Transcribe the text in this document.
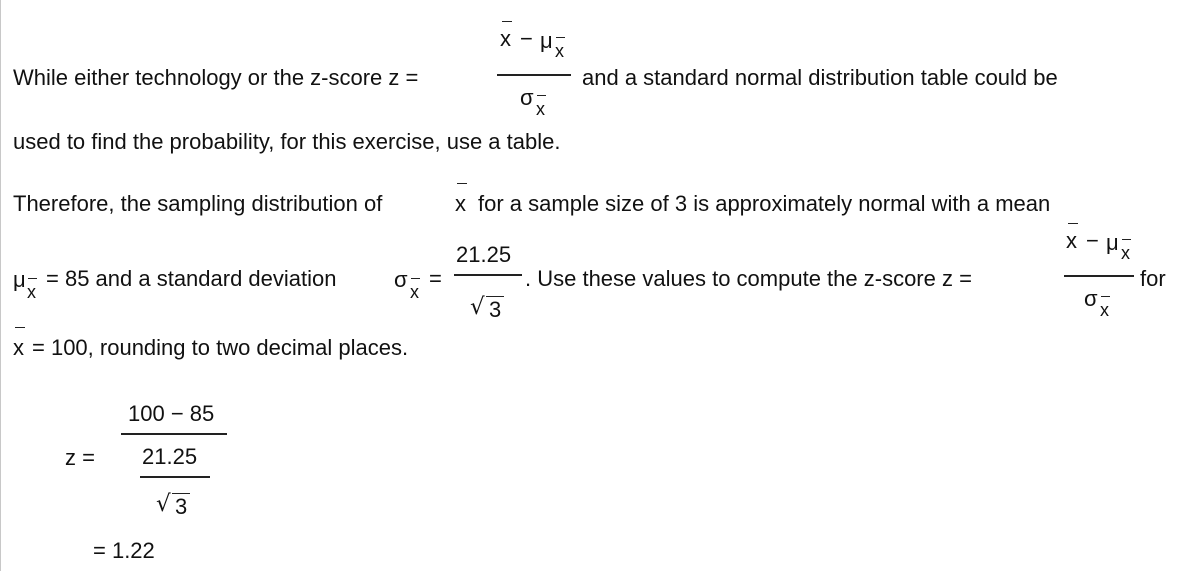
While either technology or the z-score z =
x − μ x
σ x
and a standard normal distribution table could be
used to find the probability, for this exercise, use a table.
Therefore, the sampling distribution of	x for a sample size of 3 is approximately normal with a mean
μ x
= 85 and a standard deviation	σ x
=
21.25
√ 3
. Use these values to compute the z-score z =
x − μ x
σ x
for
x = 100, rounding to two decimal places.
z =
100 − 85
21.25
√ 3
= 1.22
